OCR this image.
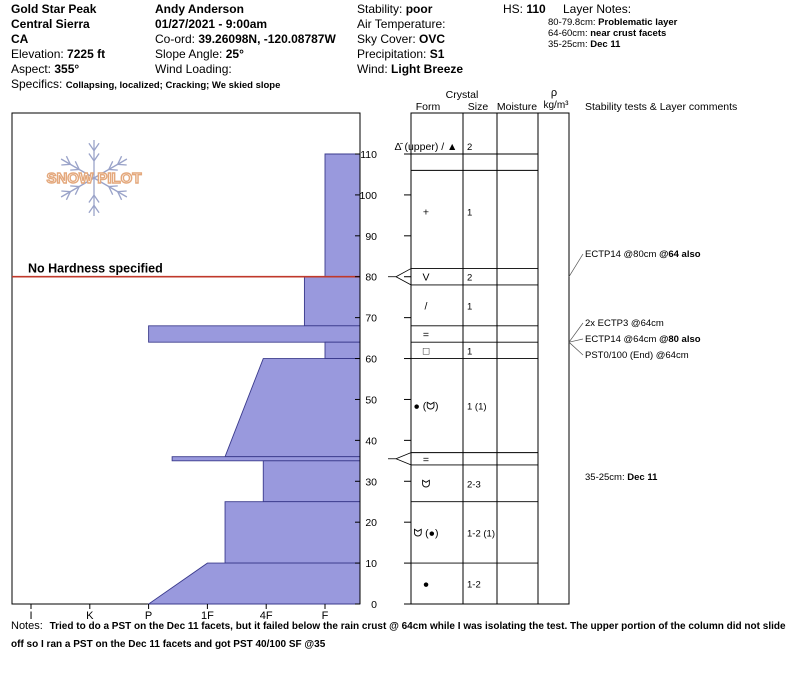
Gold Star Peak
Central Sierra
CA
Elevation: 7225 ft
Aspect: 355°
Specifics: Collapsing, localized; Cracking; We skied slope
Andy Anderson
01/27/2021 - 9:00am
Co-ord: 39.26098N, -120.08787W
Slope Angle: 25°
Wind Loading:
Stability: poor
Air Temperature:
Sky Cover: OVC
Precipitation: S1
Wind: Light Breeze
HS: 110 Layer Notes:
80-79.8cm: Problematic layer
64-60cm: near crust facets
35-25cm: Dec 11
Crystal
Form	Size Moisture
ρ
kg/m³ Stability tests & Layer comments
I	K	P	1F	4F	F
SNOW PILOT
No Hardness specified
0
10
20
30
40
50
60
70
80
90
100
110
Δ̄ (upper) / ▲ 2
+	1
V	2
/	1
=
□	1
● (ᗢ)	1 (1)
=
ᗢ	2-3
ᗢ (●)	1-2 (1)
●	1-2
ECTP14 @80cm @64 also
2x ECTP3 @64cm
ECTP14 @64cm @80 also
PST0/100 (End) @64cm
35-25cm: Dec 11
Notes: Tried to do a PST on the Dec 11 facets, but it failed below the rain crust @ 64cm while I was isolating the test. The upper portion of the column did not slide off so I ran a PST on the Dec 11 facets and got PST 40/100 SF @35
